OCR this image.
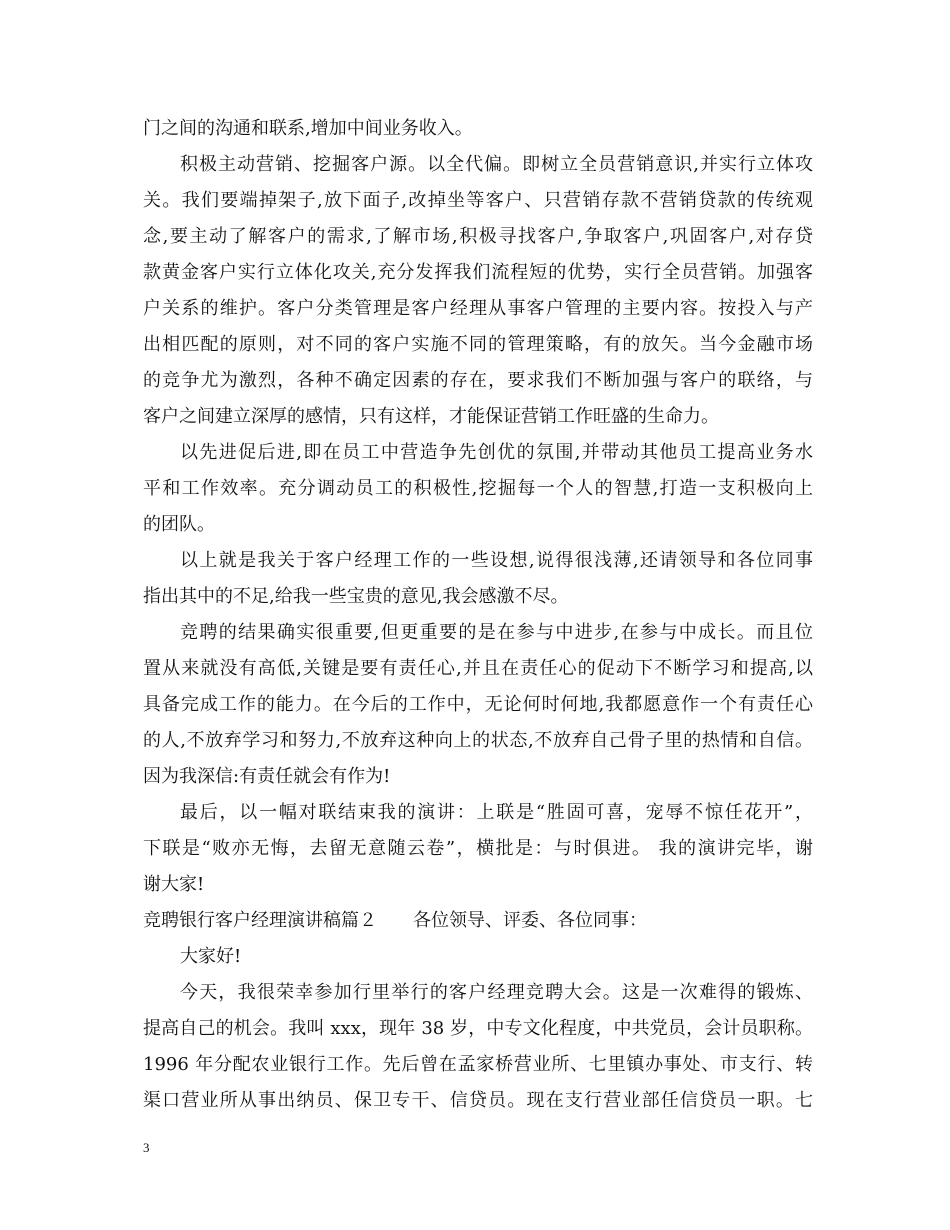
门之间的沟通和联系,增加中间业务收入。
积极主动营销、挖掘客户源。以全代偏。即树立全员营销意识,并实行立体攻
关。我们要端掉架子,放下面子,改掉坐等客户、只营销存款不营销贷款的传统观
念,要主动了解客户的需求,了解市场,积极寻找客户,争取客户,巩固客户,对存贷
款黄金客户实行立体化攻关,充分发挥我们流程短的优势，实行全员营销。加强客
户关系的维护。客户分类管理是客户经理从事客户管理的主要内容。按投入与产
出相匹配的原则，对不同的客户实施不同的管理策略，有的放矢。当今金融市场
的竞争尤为激烈，各种不确定因素的存在，要求我们不断加强与客户的联络，与
客户之间建立深厚的感情，只有这样，才能保证营销工作旺盛的生命力。
以先进促后进,即在员工中营造争先创优的氛围,并带动其他员工提高业务水
平和工作效率。充分调动员工的积极性,挖掘每一个人的智慧,打造一支积极向上
的团队。
以上就是我关于客户经理工作的一些设想,说得很浅薄,还请领导和各位同事
指出其中的不足,给我一些宝贵的意见,我会感激不尽。
竞聘的结果确实很重要,但更重要的是在参与中进步,在参与中成长。而且位
置从来就没有高低,关键是要有责任心,并且在责任心的促动下不断学习和提高,以
具备完成工作的能力。在今后的工作中，无论何时何地,我都愿意作一个有责任心
的人,不放弃学习和努力,不放弃这种向上的状态,不放弃自己骨子里的热情和自信。
因为我深信:有责任就会有作为!
最后，以一幅对联结束我的演讲：上联是“胜固可喜，宠辱不惊任花开”，
下联是“败亦无悔，去留无意随云卷”，横批是：与时俱进。 我的演讲完毕，谢
谢大家!
竞聘银行客户经理演讲稿篇２　　各位领导、评委、各位同事：
大家好!
今天，我很荣幸参加行里举行的客户经理竞聘大会。这是一次难得的锻炼、
提高自己的机会。我叫 xxx，现年 38 岁，中专文化程度，中共党员，会计员职称。
1996 年分配农业银行工作。先后曾在孟家桥营业所、七里镇办事处、市支行、转
渠口营业所从事出纳员、保卫专干、信贷员。现在支行营业部任信贷员一职。七
3
